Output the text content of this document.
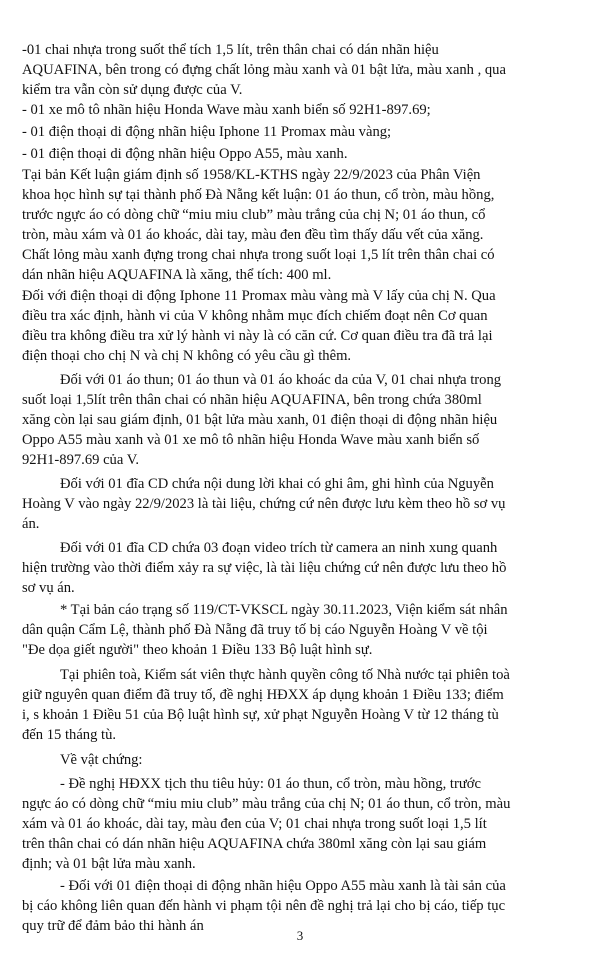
-01 chai nhựa trong suốt thể tích 1,5 lít, trên thân chai có dán nhãn hiệu
AQUAFINA, bên trong có đựng chất lỏng màu xanh và 01 bật lửa, màu xanh , qua
kiểm tra vẫn còn sử dụng được của V.
- 01 xe mô tô nhãn hiệu Honda Wave màu xanh biển số 92H1-897.69;
- 01 điện thoại di động nhãn hiệu Iphone 11 Promax màu vàng;
- 01 điện thoại di động nhãn hiệu Oppo A55, màu xanh.
Tại bản Kết luận giám định số 1958/KL-KTHS ngày 22/9/2023 của Phân Viện
khoa học hình sự tại thành phố Đà Nẵng kết luận: 01 áo thun, cổ tròn, màu hồng,
trước ngực áo có dòng chữ “miu miu club” màu trắng của chị N; 01 áo thun, cổ
tròn, màu xám và 01 áo khoác, dài tay, màu đen đều tìm thấy dấu vết của xăng.
Chất lỏng màu xanh đựng trong chai nhựa trong suốt loại 1,5 lít trên thân chai có
dán nhãn hiệu AQUAFINA là xăng, thể tích: 400 ml.
Đối với điện thoại di động Iphone 11 Promax màu vàng mà V lấy của chị N. Qua
điều tra xác định, hành vi của V không nhằm mục đích chiếm đoạt nên Cơ quan
điều tra không điều tra xử lý hành vi này là có căn cứ. Cơ quan điều tra đã trả lại
điện thoại cho chị N và chị N không có yêu cầu gì thêm.
Đối với 01 áo thun; 01 áo thun và 01 áo khoác da của V, 01 chai nhựa trong
suốt loại 1,5lít trên thân chai có nhãn hiệu AQUAFINA, bên trong chứa 380ml
xăng còn lại sau giám định, 01 bật lửa màu xanh, 01 điện thoại di động nhãn hiệu
Oppo A55 màu xanh và 01 xe mô tô nhãn hiệu Honda Wave màu xanh biển số
92H1-897.69 của V.
Đối với 01 đĩa CD chứa nội dung lời khai có ghi âm, ghi hình của Nguyễn
Hoàng V vào ngày 22/9/2023 là tài liệu, chứng cứ nên được lưu kèm theo hồ sơ vụ
án.
Đối với 01 đĩa CD chứa 03 đoạn video trích từ camera an ninh xung quanh
hiện trường vào thời điểm xảy ra sự việc, là tài liệu chứng cứ nên được lưu theo hồ
sơ vụ án.
* Tại bản cáo trạng số 119/CT-VKSCL ngày 30.11.2023, Viện kiểm sát nhân
dân quận Cẩm Lệ, thành phố Đà Nẵng đã truy tố bị cáo Nguyễn Hoàng V về tội
"Đe dọa giết người" theo khoản 1 Điều 133 Bộ luật hình sự.
Tại phiên toà, Kiểm sát viên thực hành quyền công tố Nhà nước tại phiên toà
giữ nguyên quan điểm đã truy tố, đề nghị HĐXX áp dụng khoản 1 Điều 133; điểm
i, s khoản 1 Điều 51 của Bộ luật hình sự, xử phạt Nguyễn Hoàng V từ 12 tháng tù
đến 15 tháng tù.
Về vật chứng:
- Đề nghị HĐXX tịch thu tiêu hủy: 01 áo thun, cổ tròn, màu hồng, trước
ngực áo có dòng chữ “miu miu club” màu trắng của chị N; 01 áo thun, cổ tròn, màu
xám và 01 áo khoác, dài tay, màu đen của V; 01 chai nhựa trong suốt loại 1,5 lít
trên thân chai có dán nhãn hiệu AQUAFINA chứa 380ml xăng còn lại sau giám
định; và 01 bật lửa màu xanh.
- Đối với 01 điện thoại di động nhãn hiệu Oppo A55 màu xanh là tài sản của
bị cáo không liên quan đến hành vi phạm tội nên đề nghị trả lại cho bị cáo, tiếp tục
quy trữ để đảm bảo thi hành án
3
